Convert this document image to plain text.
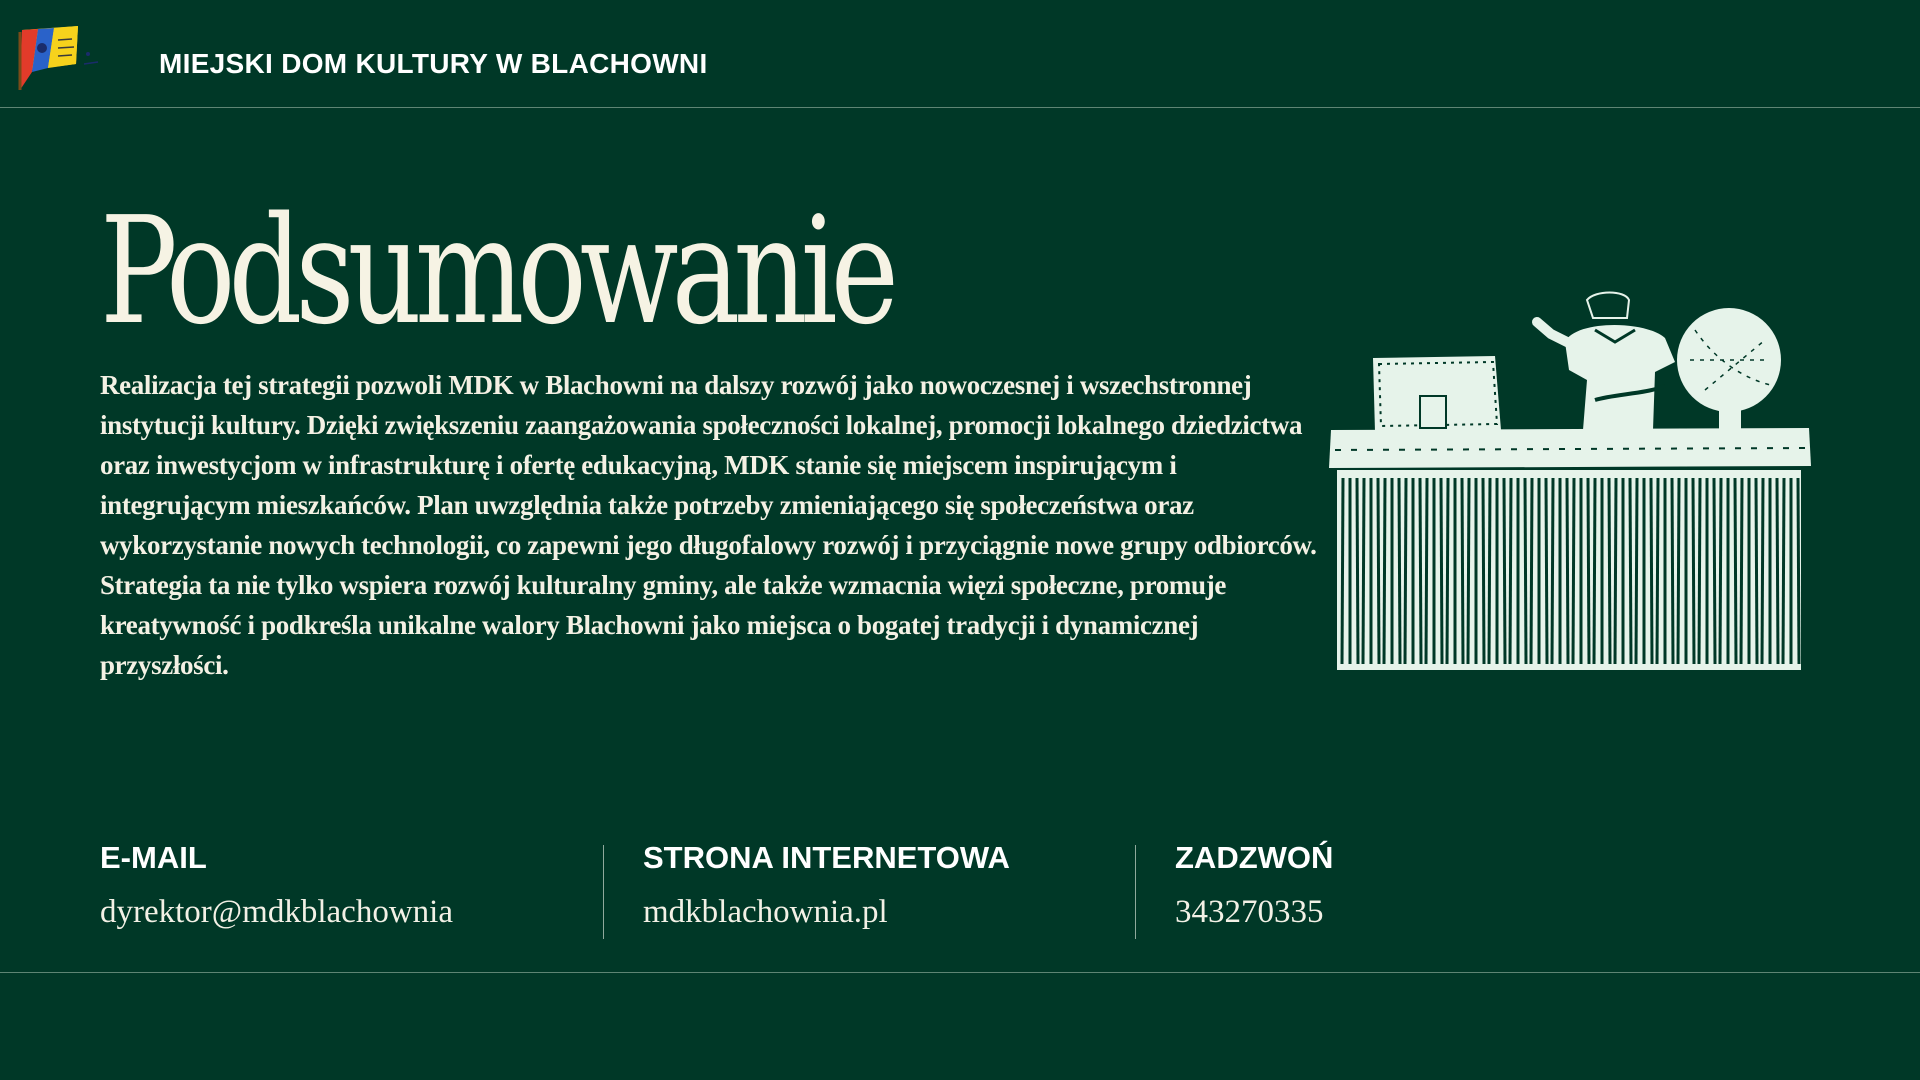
MIEJSKI DOM KULTURY W BLACHOWNI
Podsumowanie

Realizacja tej strategii pozwoli MDK w Blachowni na dalszy rozwój jako nowoczesnej i wszechstronnej instytucji kultury. Dzięki zwiększeniu zaangażowania społeczności lokalnej, promocji lokalnego dziedzictwa oraz inwestycjom w infrastrukturę i ofertę edukacyjną, MDK stanie się miejscem inspirującym i integrującym mieszkańców. Plan uwzględnia także potrzeby zmieniającego się społeczeństwa oraz wykorzystanie nowych technologii, co zapewni jego długofalowy rozwój i przyciągnie nowe grupy odbiorców.

Strategia ta nie tylko wspiera rozwój kulturalny gminy, ale także wzmacnia więzi społeczne, promuje kreatywność i podkreśla unikalne walory Blachowni jako miejsca o bogatej tradycji i dynamicznej przyszłości.

E-MAIL
dyrektor@mdkblachownia
STRONA INTERNETOWA
mdkblachownia.pl
ZADZWOŃ
343270335
